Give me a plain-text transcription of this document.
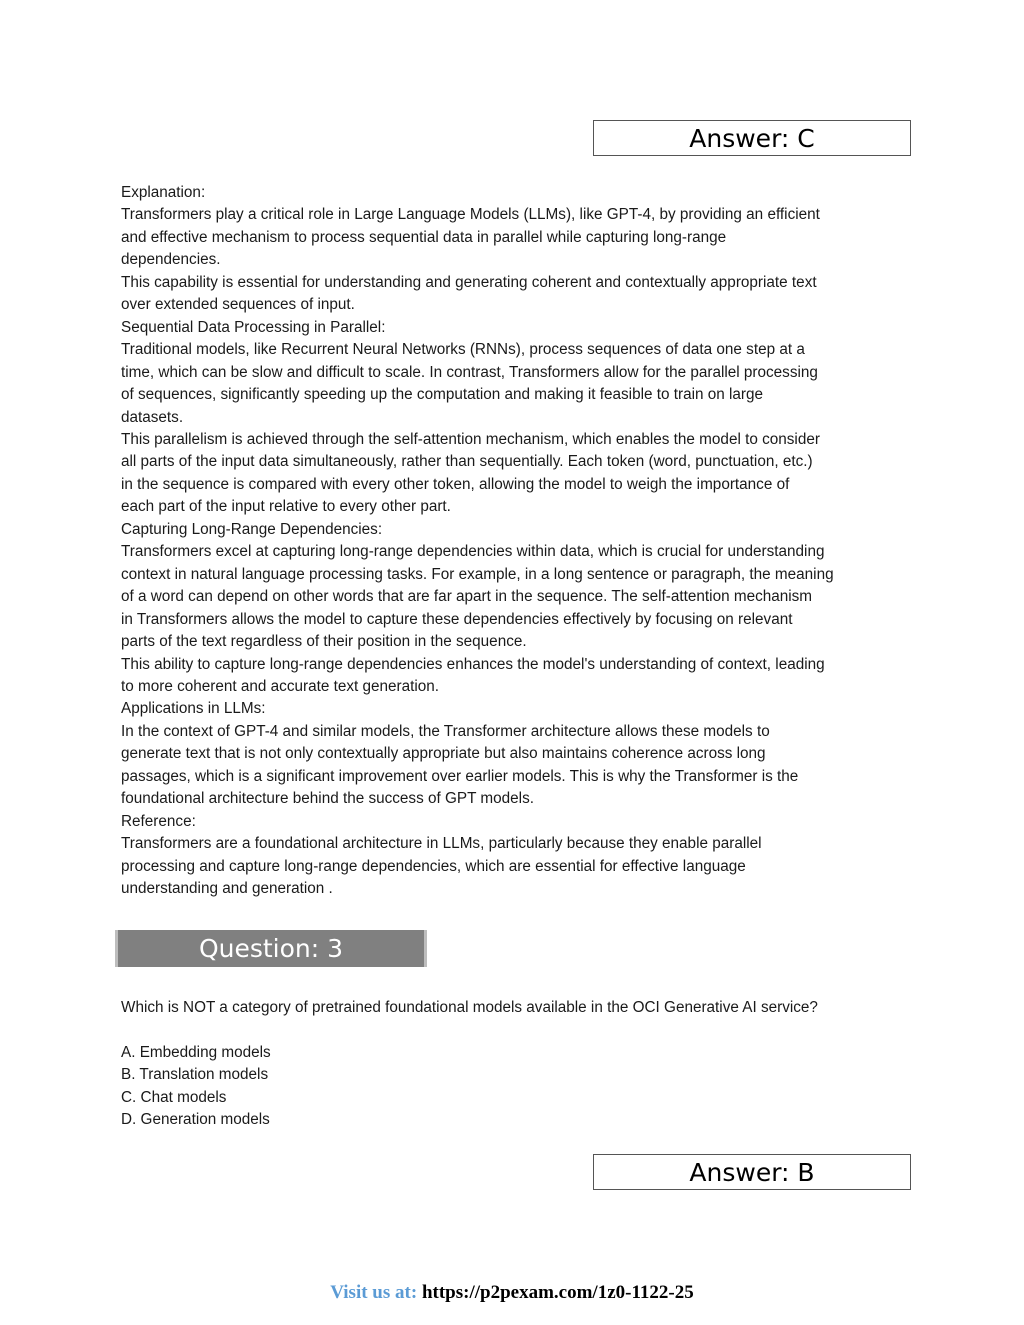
Answer: C
Explanation:
Transformers play a critical role in Large Language Models (LLMs), like GPT-4, by providing an efficient
and effective mechanism to process sequential data in parallel while capturing long-range
dependencies.
This capability is essential for understanding and generating coherent and contextually appropriate text
over extended sequences of input.
Sequential Data Processing in Parallel:
Traditional models, like Recurrent Neural Networks (RNNs), process sequences of data one step at a
time, which can be slow and difficult to scale. In contrast, Transformers allow for the parallel processing
of sequences, significantly speeding up the computation and making it feasible to train on large
datasets.
This parallelism is achieved through the self-attention mechanism, which enables the model to consider
all parts of the input data simultaneously, rather than sequentially. Each token (word, punctuation, etc.)
in the sequence is compared with every other token, allowing the model to weigh the importance of
each part of the input relative to every other part.
Capturing Long-Range Dependencies:
Transformers excel at capturing long-range dependencies within data, which is crucial for understanding
context in natural language processing tasks. For example, in a long sentence or paragraph, the meaning
of a word can depend on other words that are far apart in the sequence. The self-attention mechanism
in Transformers allows the model to capture these dependencies effectively by focusing on relevant
parts of the text regardless of their position in the sequence.
This ability to capture long-range dependencies enhances the model's understanding of context, leading
to more coherent and accurate text generation.
Applications in LLMs:
In the context of GPT-4 and similar models, the Transformer architecture allows these models to
generate text that is not only contextually appropriate but also maintains coherence across long
passages, which is a significant improvement over earlier models. This is why the Transformer is the
foundational architecture behind the success of GPT models.
Reference:
Transformers are a foundational architecture in LLMs, particularly because they enable parallel
processing and capture long-range dependencies, which are essential for effective language
understanding and generation .
Question: 3
Which is NOT a category of pretrained foundational models available in the OCI Generative AI service?
A. Embedding models
B. Translation models
C. Chat models
D. Generation models
Answer: B
Visit us at: https://p2pexam.com/1z0-1122-25
